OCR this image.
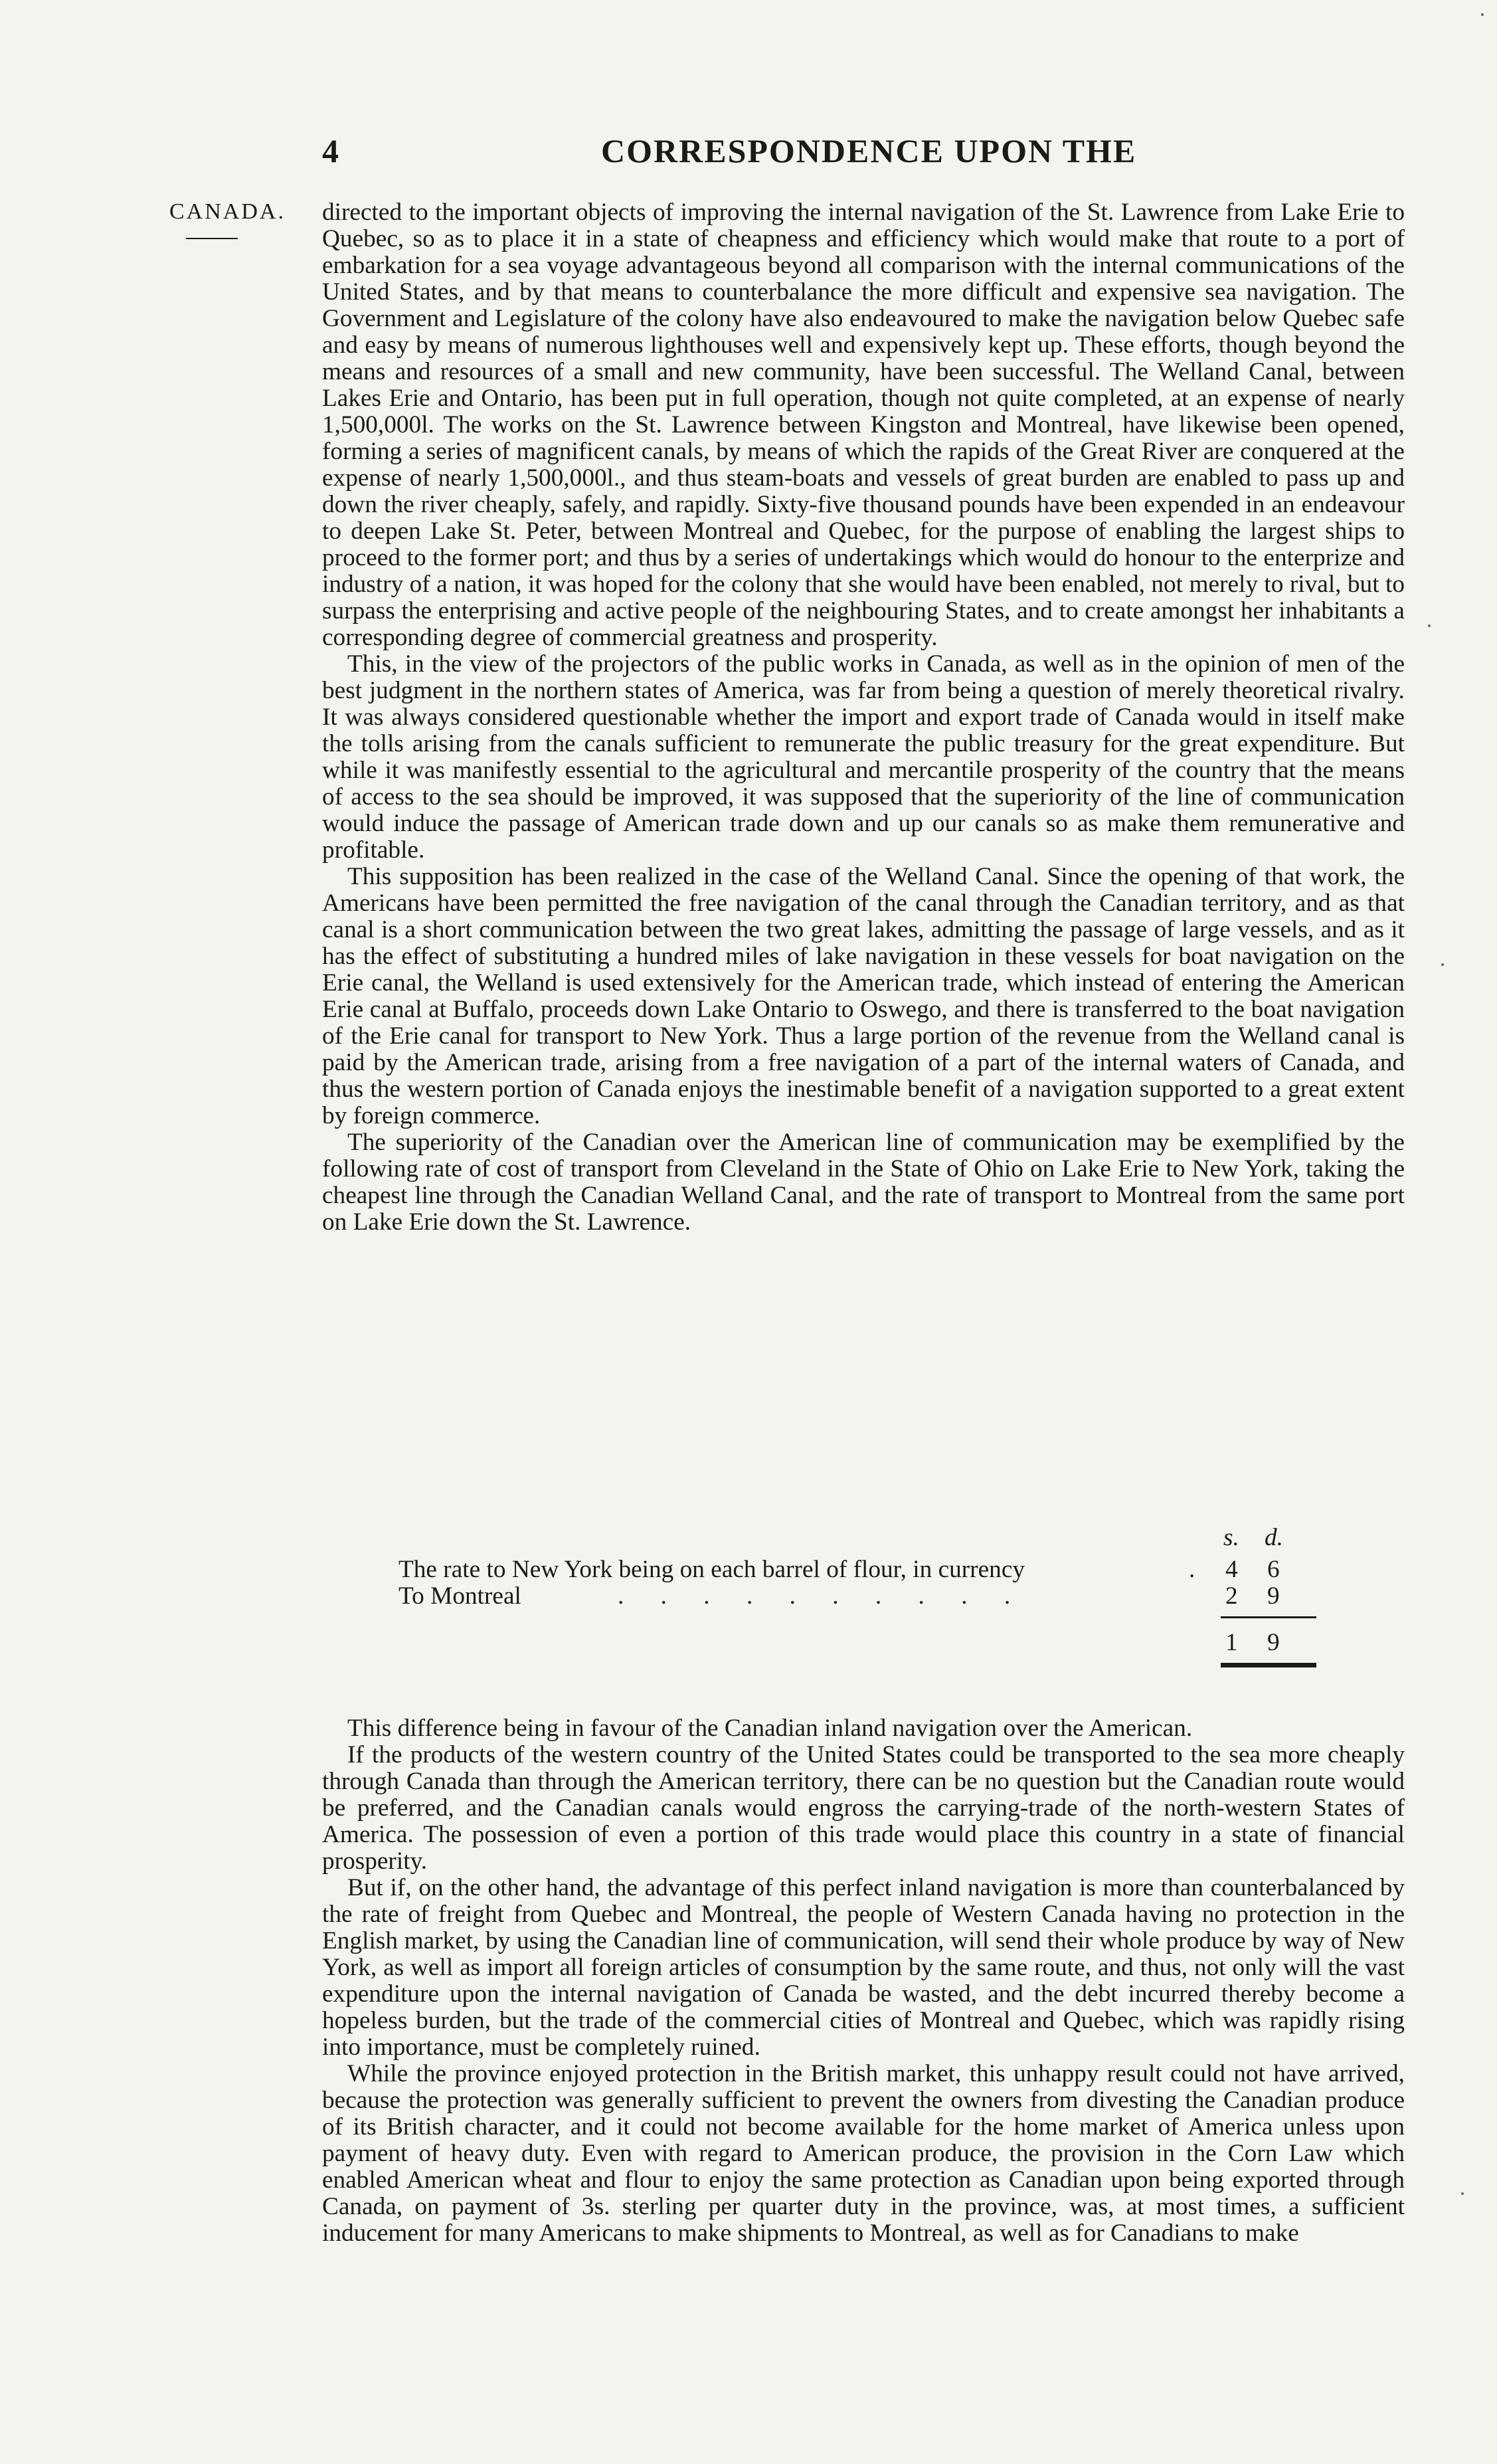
4	CORRESPONDENCE UPON THE
CANADA. directed to the important objects of improving the internal navigation of the St. Lawrence from Lake Erie to Quebec, so as to place it in a state of cheapness and efficiency which would make that route to a port of embarkation for a sea voyage advantageous beyond all comparison with the internal communications of the United States, and by that means to counterbalance the more difficult and expensive sea navigation. The Government and Legislature of the colony have also endeavoured to make the navigation below Quebec safe and easy by means of numerous lighthouses well and expensively kept up. These efforts, though beyond the means and resources of a small and new community, have been successful. The Welland Canal, between Lakes Erie and Ontario, has been put in full operation, though not quite completed, at an expense of nearly 1,500,000l. The works on the St. Lawrence between Kingston and Montreal, have likewise been opened, forming a series of magnificent canals, by means of which the rapids of the Great River are conquered at the expense of nearly 1,500,000l., and thus steam-boats and vessels of great burden are enabled to pass up and down the river cheaply, safely, and rapidly. Sixty-five thousand pounds have been expended in an endeavour to deepen Lake St. Peter, between Montreal and Quebec, for the purpose of enabling the largest ships to proceed to the former port; and thus by a series of undertakings which would do honour to the enterprize and industry of a nation, it was hoped for the colony that she would have been enabled, not merely to rival, but to surpass the enterprising and active people of the neighbouring States, and to create amongst her inhabitants a corresponding degree of commercial greatness and prosperity.

This, in the view of the projectors of the public works in Canada, as well as in the opinion of men of the best judgment in the northern states of America, was far from being a question of merely theoretical rivalry. It was always considered questionable whether the import and export trade of Canada would in itself make the tolls arising from the canals sufficient to remunerate the public treasury for the great expenditure. But while it was manifestly essential to the agricultural and mercantile prosperity of the country that the means of access to the sea should be improved, it was supposed that the superiority of the line of communication would induce the passage of American trade down and up our canals so as make them remunerative and profitable.

This supposition has been realized in the case of the Welland Canal. Since the opening of that work, the Americans have been permitted the free navigation of the canal through the Canadian territory, and as that canal is a short communication between the two great lakes, admitting the passage of large vessels, and as it has the effect of substituting a hundred miles of lake navigation in these vessels for boat navigation on the Erie canal, the Welland is used extensively for the American trade, which instead of entering the American Erie canal at Buffalo, proceeds down Lake Ontario to Oswego, and there is transferred to the boat navigation of the Erie canal for transport to New York. Thus a large portion of the revenue from the Welland canal is paid by the American trade, arising from a free navigation of a part of the internal waters of Canada, and thus the western portion of Canada enjoys the inestimable benefit of a navigation supported to a great extent by foreign commerce.

The superiority of the Canadian over the American line of communication may be exemplified by the following rate of cost of transport from Cleveland in the State of Ohio on Lake Erie to New York, taking the cheapest line through the Canadian Welland Canal, and the rate of transport to Montreal from the same port on Lake Erie down the St. Lawrence.

s. d.
The rate to New York being on each barrel of flour, in currency	. 4 6
To Montreal	. . . . . . . . . .	2 9
1 9

This difference being in favour of the Canadian inland navigation over the American.

If the products of the western country of the United States could be transported to the sea more cheaply through Canada than through the American territory, there can be no question but the Canadian route would be preferred, and the Canadian canals would engross the carrying-trade of the north-western States of America. The possession of even a portion of this trade would place this country in a state of financial prosperity.

But if, on the other hand, the advantage of this perfect inland navigation is more than counterbalanced by the rate of freight from Quebec and Montreal, the people of Western Canada having no protection in the English market, by using the Canadian line of communication, will send their whole produce by way of New York, as well as import all foreign articles of consumption by the same route, and thus, not only will the vast expenditure upon the internal navigation of Canada be wasted, and the debt incurred thereby become a hopeless burden, but the trade of the commercial cities of Montreal and Quebec, which was rapidly rising into importance, must be completely ruined.

While the province enjoyed protection in the British market, this unhappy result could not have arrived, because the protection was generally sufficient to prevent the owners from divesting the Canadian produce of its British character, and it could not become available for the home market of America unless upon payment of heavy duty. Even with regard to American produce, the provision in the Corn Law which enabled American wheat and flour to enjoy the same protection as Canadian upon being exported through Canada, on payment of 3s. sterling per quarter duty in the province, was, at most times, a sufficient inducement for many Americans to make shipments to Montreal, as well as for Canadians to make
